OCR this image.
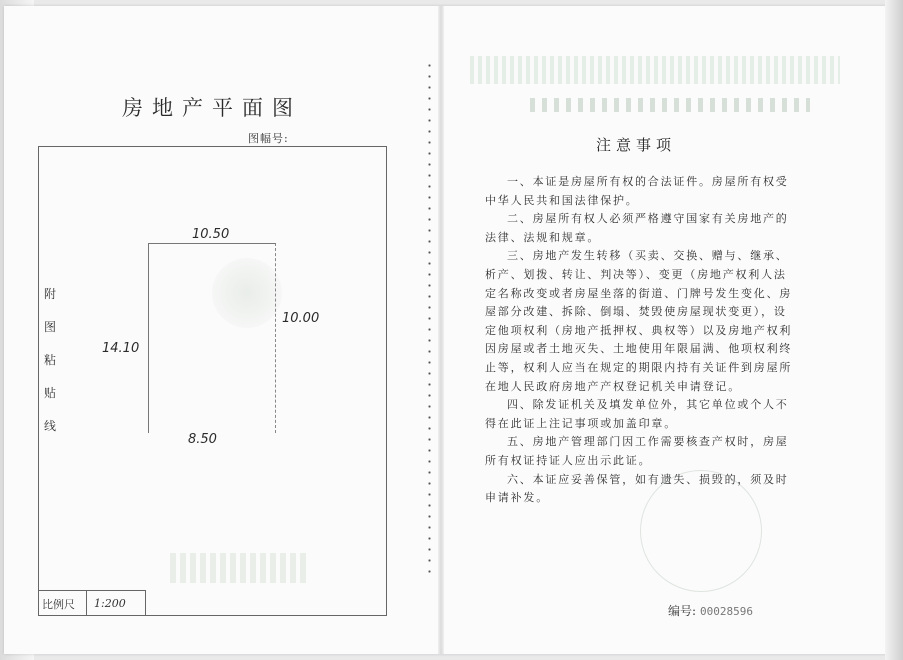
房地产平面图
图幅号:
附
图
粘
贴
线
10.50
10.00
14.10
8.50
比例尺 1:200
注意事项

一、本证是房屋所有权的合法证件。房屋所有权受中华人民共和国法律保护。

二、房屋所有权人必须严格遵守国家有关房地产的法律、法规和规章。

三、房地产发生转移（买卖、交换、赠与、继承、析产、划拨、转让、判决等）、变更（房地产权利人法定名称改变或者房屋坐落的街道、门牌号发生变化、房屋部分改建、拆除、倒塌、焚毁使房屋现状变更），设定他项权利（房地产抵押权、典权等）以及房地产权利因房屋或者土地灭失、土地使用年限届满、他项权利终止等，权利人应当在规定的期限内持有关证件到房屋所在地人民政府房地产产权登记机关申请登记。

四、除发证机关及填发单位外，其它单位或个人不得在此证上注记事项或加盖印章。

五、房地产管理部门因工作需要核查产权时，房屋所有权证持证人应出示此证。

六、本证应妥善保管，如有遗失、损毁的，须及时申请补发。

编号: 00028596
